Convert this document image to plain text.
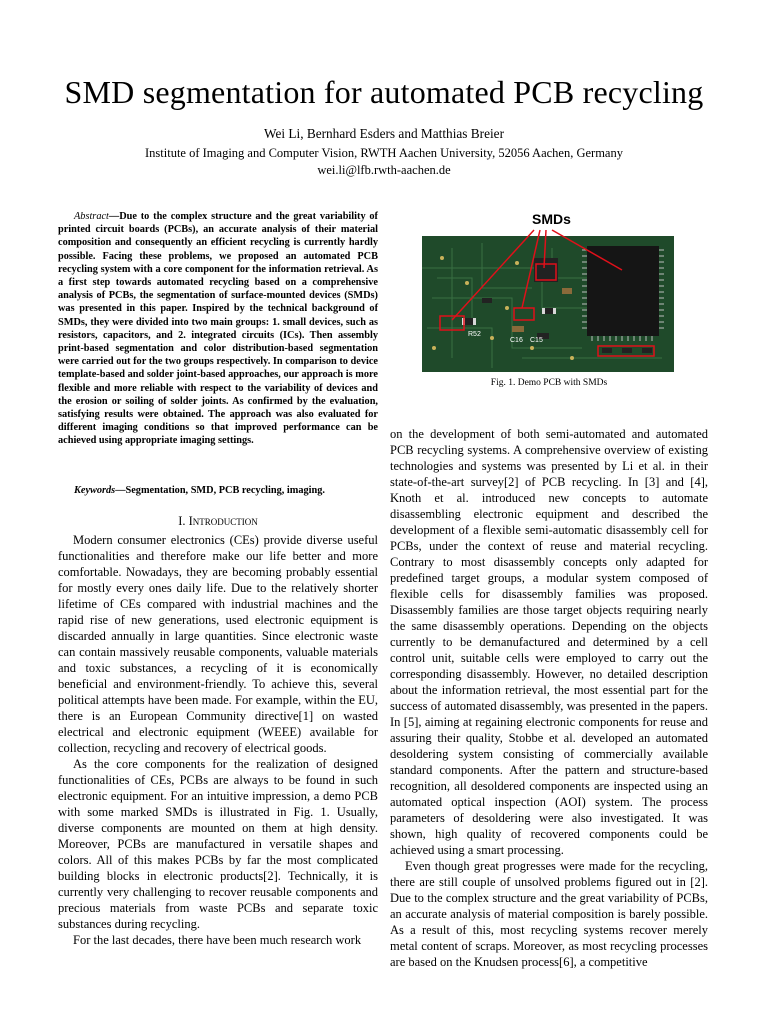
SMD segmentation for automated PCB recycling
Wei Li, Bernhard Esders and Matthias Breier
Institute of Imaging and Computer Vision, RWTH Aachen University, 52056 Aachen, Germany
wei.li@lfb.rwth-aachen.de
Abstract—Due to the complex structure and the great variability of printed circuit boards (PCBs), an accurate analysis of their material composition and consequently an efficient recycling is currently hardly possible. Facing these problems, we proposed an automated PCB recycling system with a core component for the information retrieval. As a first step towards automated recycling based on a comprehensive analysis of PCBs, the segmentation of surface-mounted devices (SMDs) was presented in this paper. Inspired by the technical background of SMDs, they were divided into two main groups: 1. small devices, such as resistors, capacitors, and 2. integrated circuits (ICs). Then assembly print-based segmentation and color distribution-based segmentation were carried out for the two groups respectively. In comparison to device template-based and solder joint-based approaches, our approach is more flexible and more reliable with respect to the variability of devices and the erosion or soiling of solder joints. As confirmed by the evaluation, satisfying results were obtained. The approach was also evaluated for different imaging conditions so that improved performance can be achieved using appropriate imaging settings.
Keywords—Segmentation, SMD, PCB recycling, imaging.
I. Introduction

Modern consumer electronics (CEs) provide diverse useful functionalities and therefore make our life better and more comfortable. Nowadays, they are becoming probably essential for mostly every ones daily life. Due to the relatively shorter lifetime of CEs compared with industrial machines and the rapid rise of new generations, used electronic equipment is discarded annually in large quantities. Since electronic waste can contain massively reusable components, valuable materials and toxic substances, a recycling of it is economically beneficial and environment-friendly. To achieve this, several political attempts have been made. For example, within the EU, there is an European Community directive[1] on wasted electrical and electronic equipment (WEEE) available for collection, recycling and recovery of electrical goods.

As the core components for the realization of designed functionalities of CEs, PCBs are always to be found in such electronic equipment. For an intuitive impression, a demo PCB with some marked SMDs is illustrated in Fig. 1. Usually, diverse components are mounted on them at high density. Moreover, PCBs are manufactured in versatile shapes and colors. All of this makes PCBs by far the most complicated building blocks in electronic products[2]. Technically, it is currently very challenging to recover reusable components and precious materials from waste PCBs and separate toxic substances during recycling.

For the last decades, there have been much research work

R52
C16 C15
SMDs
Fig. 1. Demo PCB with SMDs

on the development of both semi-automated and automated PCB recycling systems. A comprehensive overview of existing technologies and systems was presented by Li et al. in their state-of-the-art survey[2] of PCB recycling. In [3] and [4], Knoth et al. introduced new concepts to automate disassembling electronic equipment and described the development of a flexible semi-automatic disassembly cell for PCBs, under the context of reuse and material recycling. Contrary to most disassembly concepts only adapted for predefined target groups, a modular system composed of flexible cells for disassembly families was proposed. Disassembly families are those target objects requiring nearly the same disassembly operations. Depending on the objects currently to be demanufactured and determined by a cell control unit, suitable cells were employed to carry out the corresponding disassembly. However, no detailed description about the information retrieval, the most essential part for the success of automated disassembly, was presented in the papers. In [5], aiming at regaining electronic components for reuse and assuring their quality, Stobbe et al. developed an automated desoldering system consisting of commercially available standard components. After the pattern and structure-based recognition, all desoldered components are inspected using an automated optical inspection (AOI) system. The process parameters of desoldering were also investigated. It was shown, high quality of recovered components could be achieved using a smart processing.

Even though great progresses were made for the recycling, there are still couple of unsolved problems figured out in [2]. Due to the complex structure and the great variability of PCBs, an accurate analysis of material composition is barely possible. As a result of this, most recycling systems recover merely metal content of scraps. Moreover, as most recycling processes are based on the Knudsen process[6], a competitive
